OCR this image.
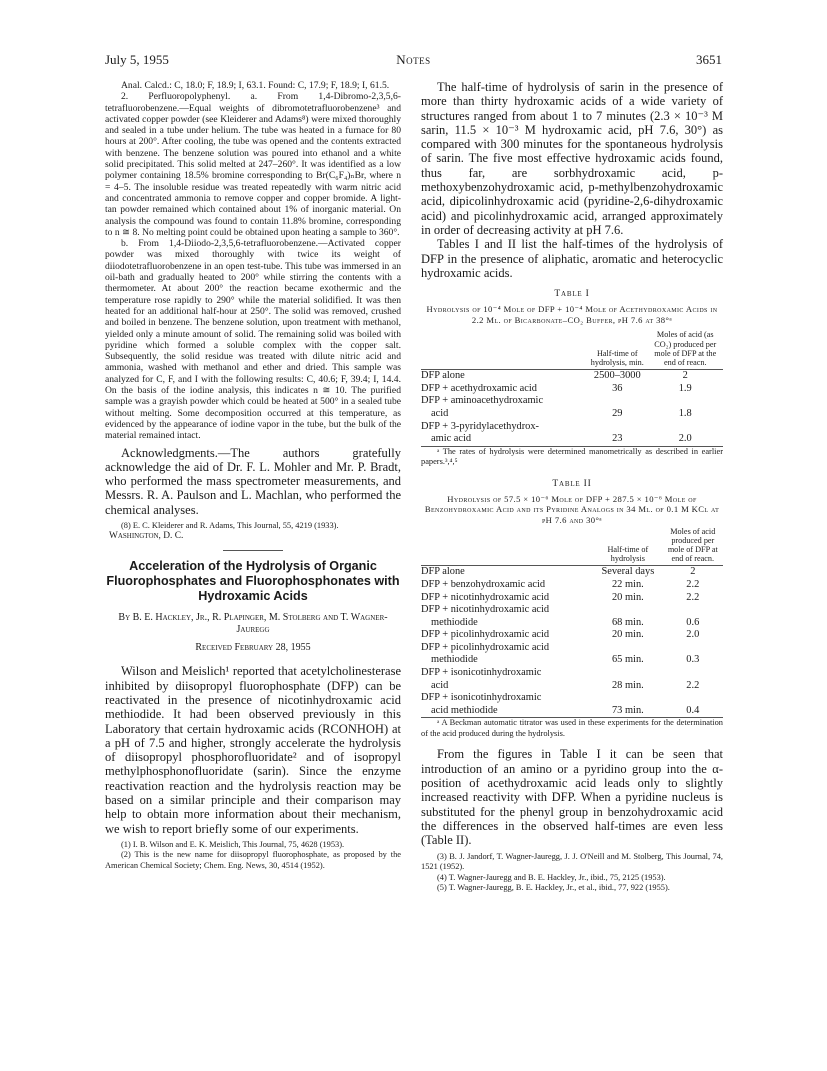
July 5, 1955	Notes	3651

Anal. Calcd.: C, 18.0; F, 18.9; I, 63.1. Found: C, 17.9; F, 18.9; I, 61.5.

2. Perfluoropolyphenyl. a. From 1,4-Dibromo-2,3,5,6-tetrafluorobenzene.—Equal weights of dibromotetrafluorobenzene³ and activated copper powder (see Kleiderer and Adams⁸) were mixed thoroughly and sealed in a tube under helium. The tube was heated in a furnace for 80 hours at 200°. After cooling, the tube was opened and the contents extracted with benzene. The benzene solution was poured into ethanol and a white solid precipitated. This solid melted at 247–260°. It was identified as a low polymer containing 18.5% bromine corresponding to Br(C₆F₄)ₙBr, where n = 4–5. The insoluble residue was treated repeatedly with warm nitric acid and concentrated ammonia to remove copper and copper bromide. A light-tan powder remained which contained about 1% of inorganic material. On analysis the compound was found to contain 11.8% bromine, corresponding to n ≅ 8. No melting point could be obtained upon heating a sample to 360°.

b. From 1,4-Diiodo-2,3,5,6-tetrafluorobenzene.—Activated copper powder was mixed thoroughly with twice its weight of diiodotetrafluorobenzene in an open test-tube. This tube was immersed in an oil-bath and gradually heated to 200° while stirring the contents with a thermometer. At about 200° the reaction became exothermic and the temperature rose rapidly to 290° while the material solidified. It was then heated for an additional half-hour at 250°. The solid was removed, crushed and boiled in benzene. The benzene solution, upon treatment with methanol, yielded only a minute amount of solid. The remaining solid was boiled with pyridine which formed a soluble complex with the copper salt. Subsequently, the solid residue was treated with dilute nitric acid and ammonia, washed with methanol and ether and dried. This sample was analyzed for C, F, and I with the following results: C, 40.6; F, 39.4; I, 14.4. On the basis of the iodine analysis, this indicates n ≅ 10. The purified sample was a grayish powder which could be heated at 500° in a sealed tube without melting. Some decomposition occurred at this temperature, as evidenced by the appearance of iodine vapor in the tube, but the bulk of the material remained intact.

Acknowledgments.—The authors gratefully acknowledge the aid of Dr. F. L. Mohler and Mr. P. Bradt, who performed the mass spectrometer measurements, and Messrs. R. A. Paulson and L. Machlan, who performed the chemical analyses.

(8) E. C. Kleiderer and R. Adams, This Journal, 55, 4219 (1933).

Washington, D. C.

Acceleration of the Hydrolysis of Organic Fluorophosphates and Fluorophosphonates with Hydroxamic Acids

By B. E. Hackley, Jr., R. Plapinger, M. Stolberg and T. Wagner-Jauregg

Received February 28, 1955

Wilson and Meislich¹ reported that acetylcholinesterase inhibited by diisopropyl fluorophosphate (DFP) can be reactivated in the presence of nicotinhydroxamic acid methiodide. It had been observed previously in this Laboratory that certain hydroxamic acids (RCONHOH) at a pH of 7.5 and higher, strongly accelerate the hydrolysis of diisopropyl phosphorofluoridate² and of isopropyl methylphosphonofluoridate (sarin). Since the enzyme reactivation reaction and the hydrolysis reaction may be based on a similar principle and their comparison may help to obtain more information about their mechanism, we wish to report briefly some of our experiments.

(1) I. B. Wilson and E. K. Meislich, This Journal, 75, 4628 (1953).

(2) This is the new name for diisopropyl fluorophosphate, as proposed by the American Chemical Society; Chem. Eng. News, 30, 4514 (1952).

The half-time of hydrolysis of sarin in the presence of more than thirty hydroxamic acids of a wide variety of structures ranged from about 1 to 7 minutes (2.3 × 10⁻³ M sarin, 11.5 × 10⁻³ M hydroxamic acid, pH 7.6, 30°) as compared with 300 minutes for the spontaneous hydrolysis of sarin. The five most effective hydroxamic acids found, thus far, are sorbhydroxamic acid, p-methoxybenzohydroxamic acid, p-methylbenzohydroxamic acid, dipicolinhydroxamic acid (pyridine-2,6-dihydroxamic acid) and picolinhydroxamic acid, arranged approximately in order of decreasing activity at pH 7.6.

Tables I and II list the half-times of the hydrolysis of DFP in the presence of aliphatic, aromatic and heterocyclic hydroxamic acids.

Table I

Hydrolysis of 10⁻⁴ Mole of DFP + 10⁻⁴ Mole of Acethydroxamic Acids in 2.2 Ml. of Bicarbonate–CO₂ Buffer, pH 7.6 at 38°ᵃ

	Half-time of hydrolysis, min.	Moles of acid (as CO₂) produced per mole of DFP at the end of reacn.
DFP alone	2500–3000	2
DFP + acethydroxamic acid	36	1.9
DFP + aminoacethydroxamic
acid	29	1.8
DFP + 3-pyridylacethydrox-
amic acid	23	2.0

ᵃ The rates of hydrolysis were determined manometrically as described in earlier papers.³,⁴,⁵

Table II

Hydrolysis of 57.5 × 10⁻⁶ Mole of DFP + 287.5 × 10⁻⁶ Mole of Benzohydroxamic Acid and its Pyridine Analogs in 34 Ml. of 0.1 M KCl at pH 7.6 and 30°ᵃ

	Half-time of hydrolysis	Moles of acid produced per mole of DFP at end of reacn.
DFP alone	Several days	2
DFP + benzohydroxamic acid	22 min.	2.2
DFP + nicotinhydroxamic acid	20 min.	2.2
DFP + nicotinhydroxamic acid
methiodide	68 min.	0.6
DFP + picolinhydroxamic acid	20 min.	2.0
DFP + picolinhydroxamic acid
methiodide	65 min.	0.3
DFP + isonicotinhydroxamic
acid	28 min.	2.2
DFP + isonicotinhydroxamic
acid methiodide	73 min.	0.4

ᵃ A Beckman automatic titrator was used in these experiments for the determination of the acid produced during the hydrolysis.

From the figures in Table I it can be seen that introduction of an amino or a pyridino group into the α-position of acethydroxamic acid leads only to slightly increased reactivity with DFP. When a pyridine nucleus is substituted for the phenyl group in benzohydroxamic acid the differences in the observed half-times are even less (Table II).

(3) B. J. Jandorf, T. Wagner-Jauregg, J. J. O'Neill and M. Stolberg, This Journal, 74, 1521 (1952).

(4) T. Wagner-Jauregg and B. E. Hackley, Jr., ibid., 75, 2125 (1953).

(5) T. Wagner-Jauregg, B. E. Hackley, Jr., et al., ibid., 77, 922 (1955).
